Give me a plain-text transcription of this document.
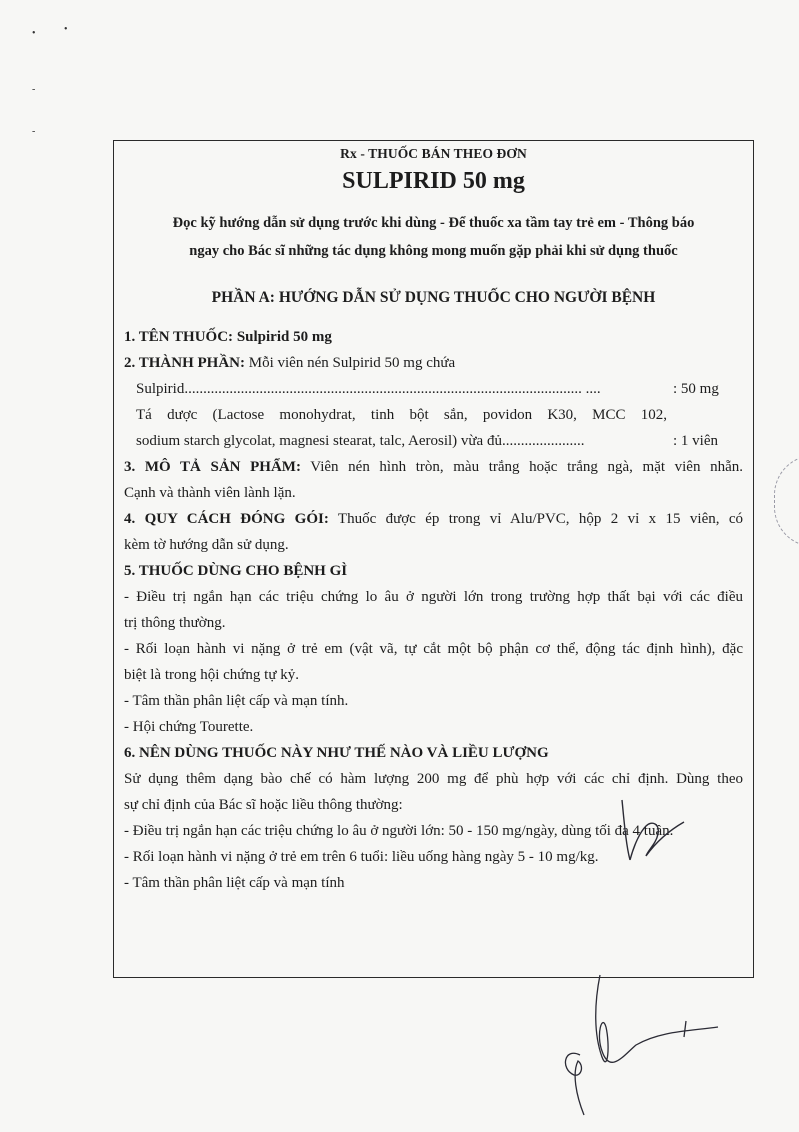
•	•
-
-
Rx - THUỐC BÁN THEO ĐƠN
SULPIRID 50 mg
Đọc kỹ hướng dẫn sử dụng trước khi dùng - Để thuốc xa tầm tay trẻ em - Thông báo
ngay cho Bác sĩ những tác dụng không mong muốn gặp phải khi sử dụng thuốc
PHẦN A: HƯỚNG DẪN SỬ DỤNG THUỐC CHO NGƯỜI BỆNH
1. TÊN THUỐC: Sulpirid 50 mg
2. THÀNH PHẦN: Mỗi viên nén Sulpirid 50 mg chứa
Sulpirid.......................................................................................................... ....	: 50 mg
Tá dược (Lactose monohydrat, tinh bột sắn, povidon K30, MCC 102,
sodium starch glycolat, magnesi stearat, talc, Aerosil) vừa đủ......................	: 1 viên
3. MÔ TẢ SẢN PHẨM: Viên nén hình tròn, màu trắng hoặc trắng ngà, mặt viên nhẵn.
Cạnh và thành viên lành lặn.
4. QUY CÁCH ĐÓNG GÓI: Thuốc được ép trong vỉ Alu/PVC, hộp 2 vỉ x 15 viên, có
kèm tờ hướng dẫn sử dụng.
5. THUỐC DÙNG CHO BỆNH GÌ
- Điều trị ngắn hạn các triệu chứng lo âu ở người lớn trong trường hợp thất bại với các điều
trị thông thường.
- Rối loạn hành vi nặng ở trẻ em (vật vã, tự cắt một bộ phận cơ thể, động tác định hình), đặc
biệt là trong hội chứng tự kỷ.
- Tâm thần phân liệt cấp và mạn tính.
- Hội chứng Tourette.
6. NÊN DÙNG THUỐC NÀY NHƯ THẾ NÀO VÀ LIỀU LƯỢNG
Sử dụng thêm dạng bào chế có hàm lượng 200 mg để phù hợp với các chỉ định. Dùng theo
sự chỉ định của Bác sĩ hoặc liều thông thường:
- Điều trị ngắn hạn các triệu chứng lo âu ở người lớn: 50 - 150 mg/ngày, dùng tối đa 4 tuần.
- Rối loạn hành vi nặng ở trẻ em trên 6 tuổi: liều uống hàng ngày 5 - 10 mg/kg.
- Tâm thần phân liệt cấp và mạn tính
